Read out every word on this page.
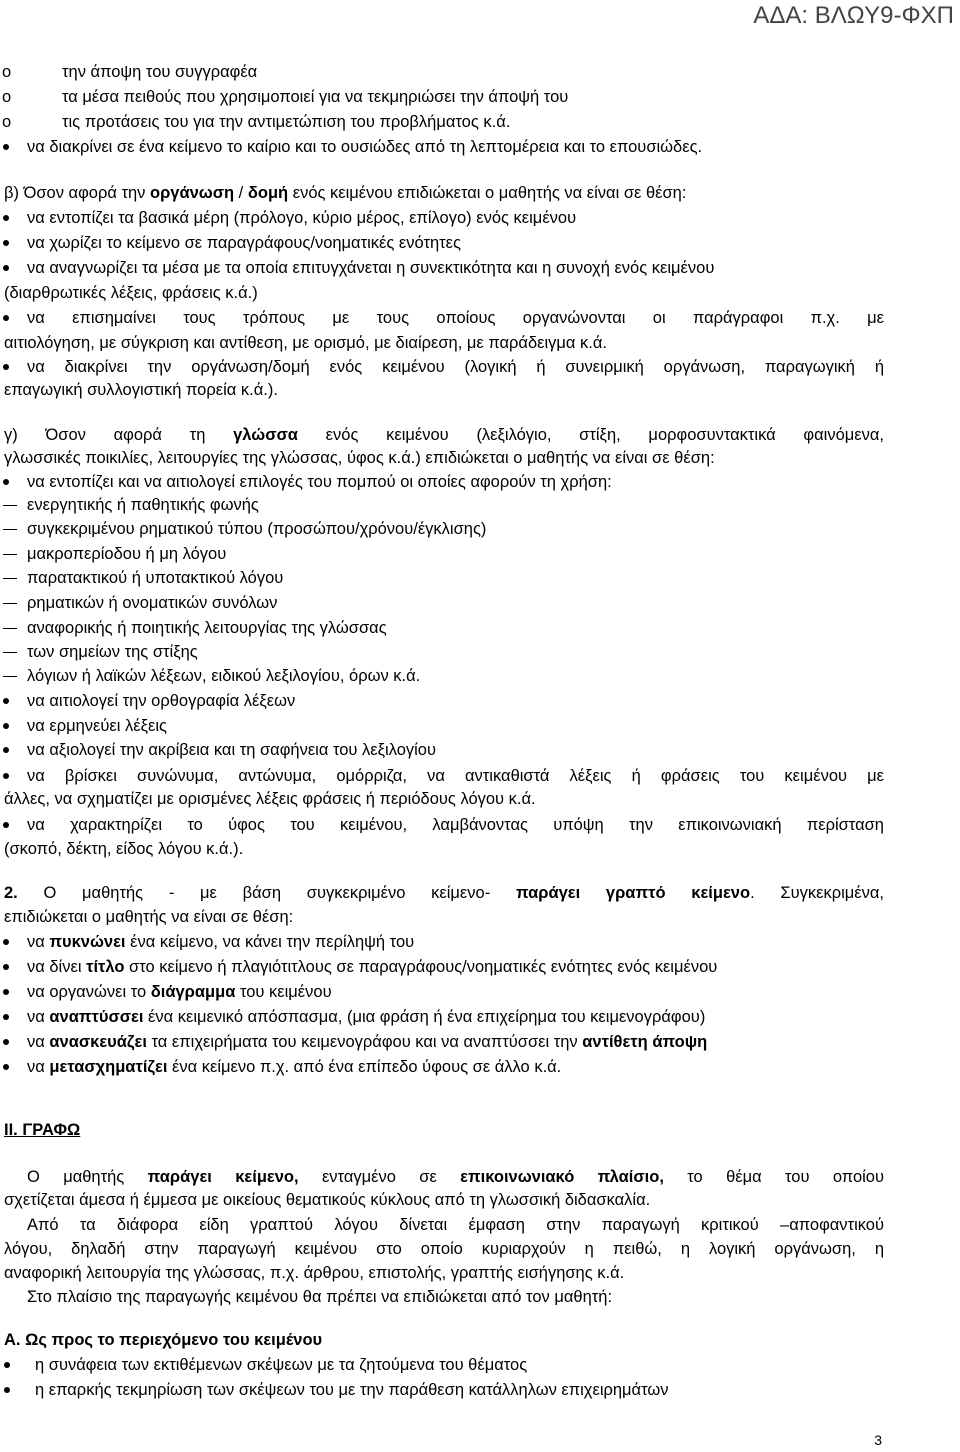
ΑΔΑ: ΒΛΩΥ9-ΦΧΠ
την άποψη του συγγραφέα
o
τα μέσα πειθούς που χρησιμοποιεί για να τεκμηριώσει την άποψή του
o
τις προτάσεις του για την αντιμετώπιση του προβλήματος κ.ά.
o
να διακρίνει σε ένα κείμενο το καίριο και το ουσιώδες από τη λεπτομέρεια και το επουσιώδες.
β) Όσον αφορά την οργάνωση / δομή ενός κειμένου επιδιώκεται ο μαθητής να είναι σε θέση:
να εντοπίζει τα βασικά μέρη (πρόλογο, κύριο μέρος, επίλογο) ενός κειμένου
να χωρίζει το κείμενο σε παραγράφους/νοηματικές ενότητες
να αναγνωρίζει τα μέσα με τα οποία επιτυγχάνεται η συνεκτικότητα και η συνοχή ενός κειμένου
(διαρθρωτικές λέξεις, φράσεις κ.ά.)
να επισημαίνει τους τρόπους με τους οποίους οργανώνονται οι παράγραφοι π.χ. με
αιτιολόγηση, με σύγκριση και αντίθεση, με ορισμό, με διαίρεση, με παράδειγμα κ.ά.
να διακρίνει την οργάνωση/δομή ενός κειμένου (λογική ή συνειρμική οργάνωση, παραγωγική ή
επαγωγική συλλογιστική πορεία κ.ά.).
γ) Όσον αφορά τη γλώσσα ενός κειμένου (λεξιλόγιο, στίξη, μορφοσυντακτικά φαινόμενα,
γλωσσικές ποικιλίες, λειτουργίες της γλώσσας, ύφος κ.ά.) επιδιώκεται ο μαθητής να είναι σε θέση:
να εντοπίζει και να αιτιολογεί επιλογές του πομπού οι οποίες αφορούν τη χρήση:
ενεργητικής ή παθητικής φωνής
συγκεκριμένου ρηματικού τύπου (προσώπου/χρόνου/έγκλισης)
μακροπερίοδου ή μη λόγου
παρατακτικού ή υποτακτικού λόγου
ρηματικών ή ονοματικών συνόλων
αναφορικής ή ποιητικής λειτουργίας της γλώσσας
των σημείων της στίξης
λόγιων ή λαϊκών λέξεων, ειδικού λεξιλογίου, όρων κ.ά.
να αιτιολογεί την ορθογραφία λέξεων
να ερμηνεύει λέξεις
να αξιολογεί την ακρίβεια και τη σαφήνεια του λεξιλογίου
να βρίσκει συνώνυμα, αντώνυμα, ομόρριζα, να αντικαθιστά λέξεις ή φράσεις του κειμένου με
άλλες, να σχηματίζει με ορισμένες λέξεις φράσεις ή περιόδους λόγου κ.ά.
να χαρακτηρίζει το ύφος του κειμένου, λαμβάνοντας υπόψη την επικοινωνιακή περίσταση
(σκοπό, δέκτη, είδος λόγου κ.ά.).
2. Ο μαθητής - με βάση συγκεκριμένο κείμενο- παράγει γραπτό κείμενο. Συγκεκριμένα,
επιδιώκεται ο μαθητής να είναι σε θέση:
να πυκνώνει ένα κείμενο, να κάνει την περίληψή του
να δίνει τίτλο στο κείμενο ή πλαγιότιτλους σε παραγράφους/νοηματικές ενότητες ενός κειμένου
να οργανώνει το διάγραμμα του κειμένου
να αναπτύσσει ένα κειμενικό απόσπασμα, (μια φράση ή ένα επιχείρημα του κειμενογράφου)
να ανασκευάζει τα επιχειρήματα του κειμενογράφου και να αναπτύσσει την αντίθετη άποψη
να μετασχηματίζει ένα κείμενο π.χ. από ένα επίπεδο ύφους σε άλλο κ.ά.
ΙΙ. ΓΡΑΦΩ
Ο μαθητής παράγει κείμενο, ενταγμένο σε επικοινωνιακό πλαίσιο, το θέμα του οποίου
σχετίζεται άμεσα ή έμμεσα με οικείους θεματικούς κύκλους από τη γλωσσική διδασκαλία.
Από τα διάφορα είδη γραπτού λόγου δίνεται έμφαση στην παραγωγή κριτικού –αποφαντικού
λόγου, δηλαδή στην παραγωγή κειμένου στο οποίο κυριαρχούν η πειθώ, η λογική οργάνωση, η
αναφορική λειτουργία της γλώσσας, π.χ. άρθρου, επιστολής, γραπτής εισήγησης κ.ά.
Στο πλαίσιο της παραγωγής κειμένου θα πρέπει να επιδιώκεται από τον μαθητή:
Α. Ως προς το περιεχόμενο του κειμένου
η συνάφεια των εκτιθέμενων σκέψεων με τα ζητούμενα του θέματος
η επαρκής τεκμηρίωση των σκέψεων του με την παράθεση κατάλληλων επιχειρημάτων
3
